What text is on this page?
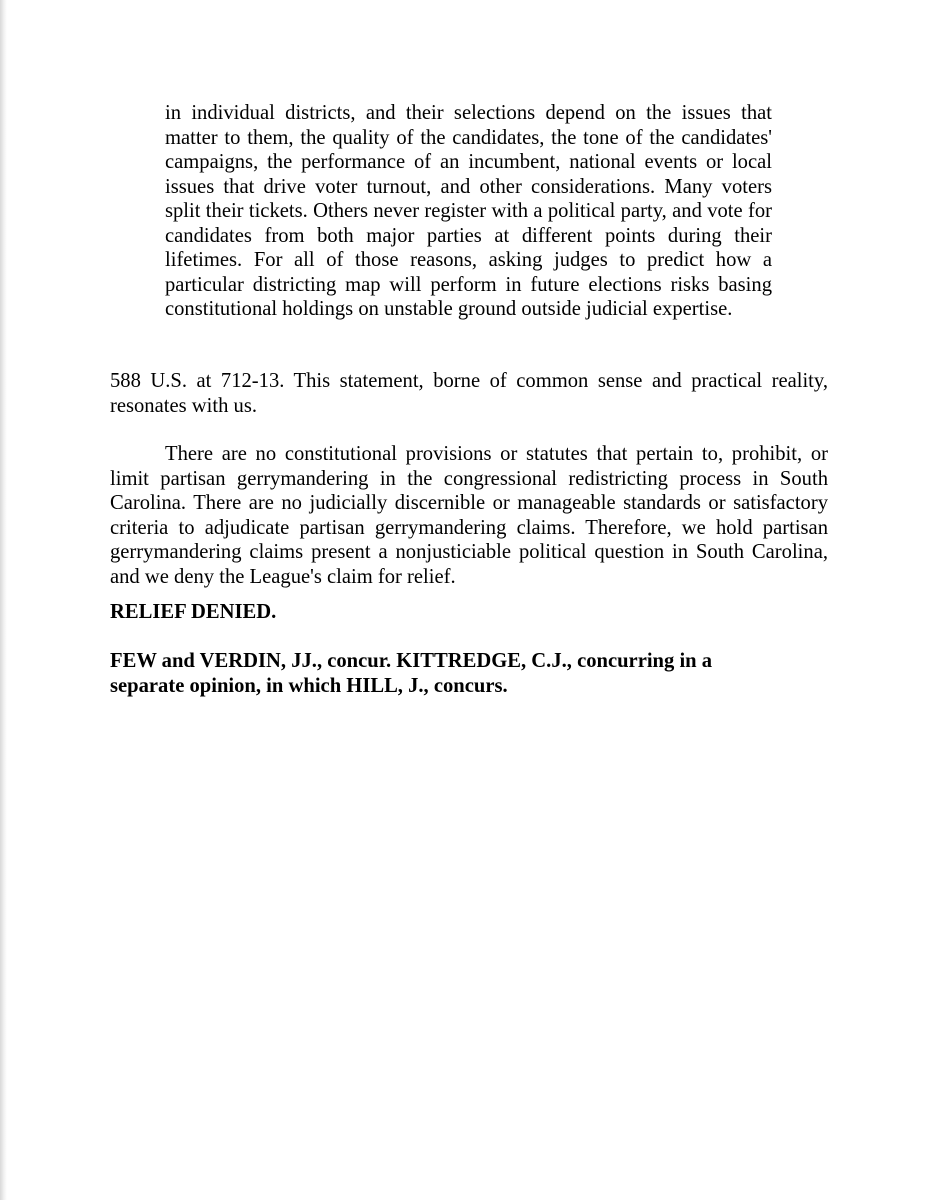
in individual districts, and their selections depend on the issues that matter to them, the quality of the candidates, the tone of the candidates' campaigns, the performance of an incumbent, national events or local issues that drive voter turnout, and other considerations. Many voters split their tickets. Others never register with a political party, and vote for candidates from both major parties at different points during their lifetimes. For all of those reasons, asking judges to predict how a particular districting map will perform in future elections risks basing constitutional holdings on unstable ground outside judicial expertise.

588 U.S. at 712-13. This statement, borne of common sense and practical reality, resonates with us.

There are no constitutional provisions or statutes that pertain to, prohibit, or limit partisan gerrymandering in the congressional redistricting process in South Carolina. There are no judicially discernible or manageable standards or satisfactory criteria to adjudicate partisan gerrymandering claims. Therefore, we hold partisan gerrymandering claims present a nonjusticiable political question in South Carolina, and we deny the League's claim for relief.

RELIEF DENIED.

FEW and VERDIN, JJ., concur. KITTREDGE, C.J., concurring in a separate opinion, in which HILL, J., concurs.
